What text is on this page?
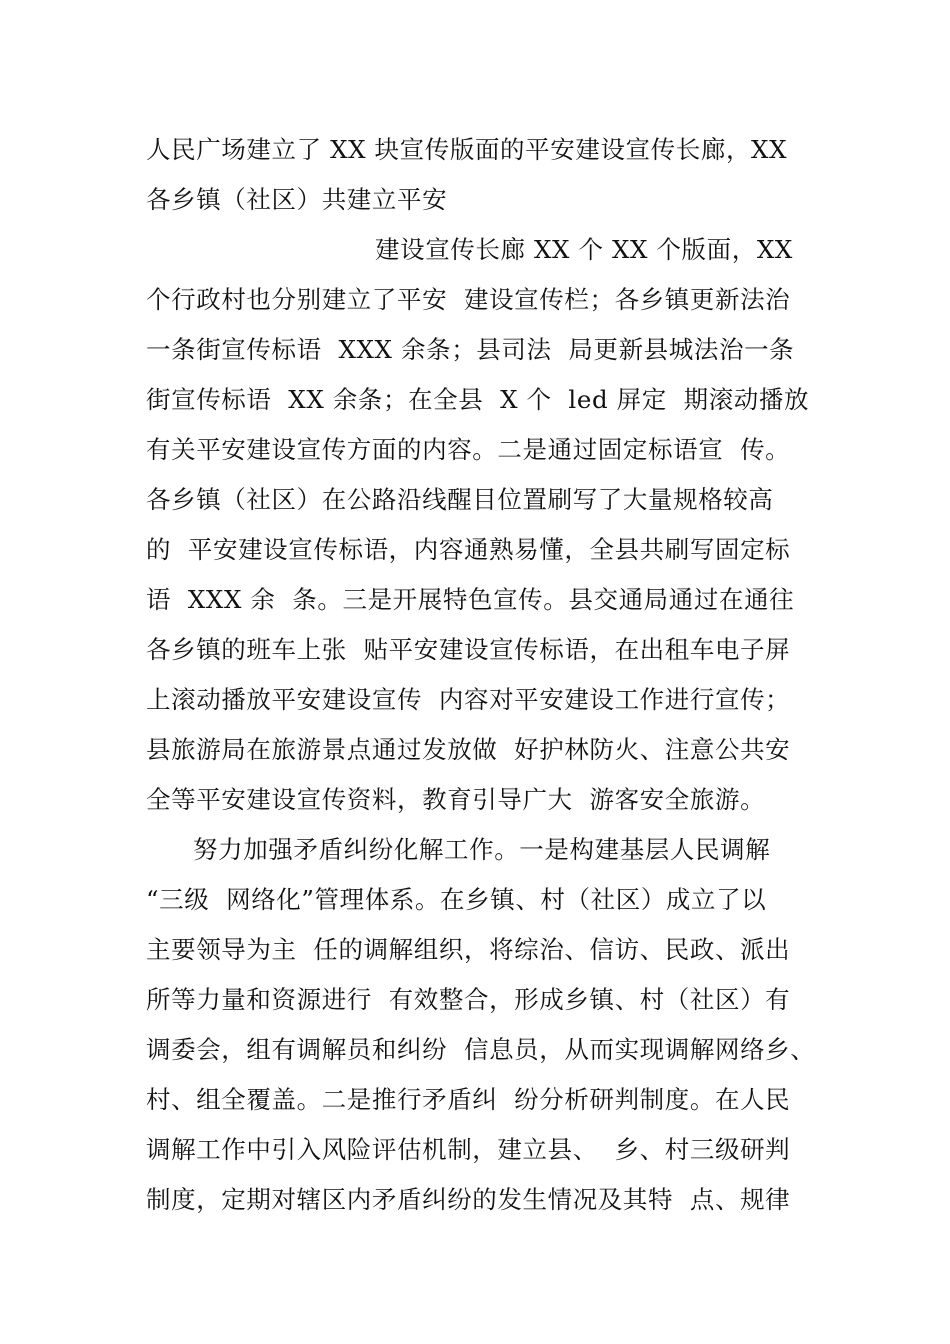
人民广场建立了 XX 块宣传版面的平安建设宣传长廊，XX
各乡镇（社区）共建立平安
建设宣传长廊 XX 个 XX 个版面，XX
个行政村也分别建立了平安  建设宣传栏；各乡镇更新法治
一条街宣传标语  XXX 余条；县司法  局更新县城法治一条
街宣传标语  XX 余条；在全县  X 个  led 屏定  期滚动播放
有关平安建设宣传方面的内容。二是通过固定标语宣  传。
各乡镇（社区）在公路沿线醒目位置刷写了大量规格较高
的  平安建设宣传标语，内容通熟易懂，全县共刷写固定标
语  XXX 余  条。三是开展特色宣传。县交通局通过在通往
各乡镇的班车上张  贴平安建设宣传标语，在出租车电子屏
上滚动播放平安建设宣传  内容对平安建设工作进行宣传；
县旅游局在旅游景点通过发放做  好护林防火、注意公共安
全等平安建设宣传资料，教育引导广大  游客安全旅游。
努力加强矛盾纠纷化解工作。一是构建基层人民调解
“三级  网络化”管理体系。在乡镇、村（社区）成立了以
主要领导为主  任的调解组织，将综治、信访、民政、派出
所等力量和资源进行  有效整合，形成乡镇、村（社区）有
调委会，组有调解员和纠纷  信息员，从而实现调解网络乡、
村、组全覆盖。二是推行矛盾纠  纷分析研判制度。在人民
调解工作中引入风险评估机制，建立县、  乡、村三级研判
制度，定期对辖区内矛盾纠纷的发生情况及其特  点、规律
